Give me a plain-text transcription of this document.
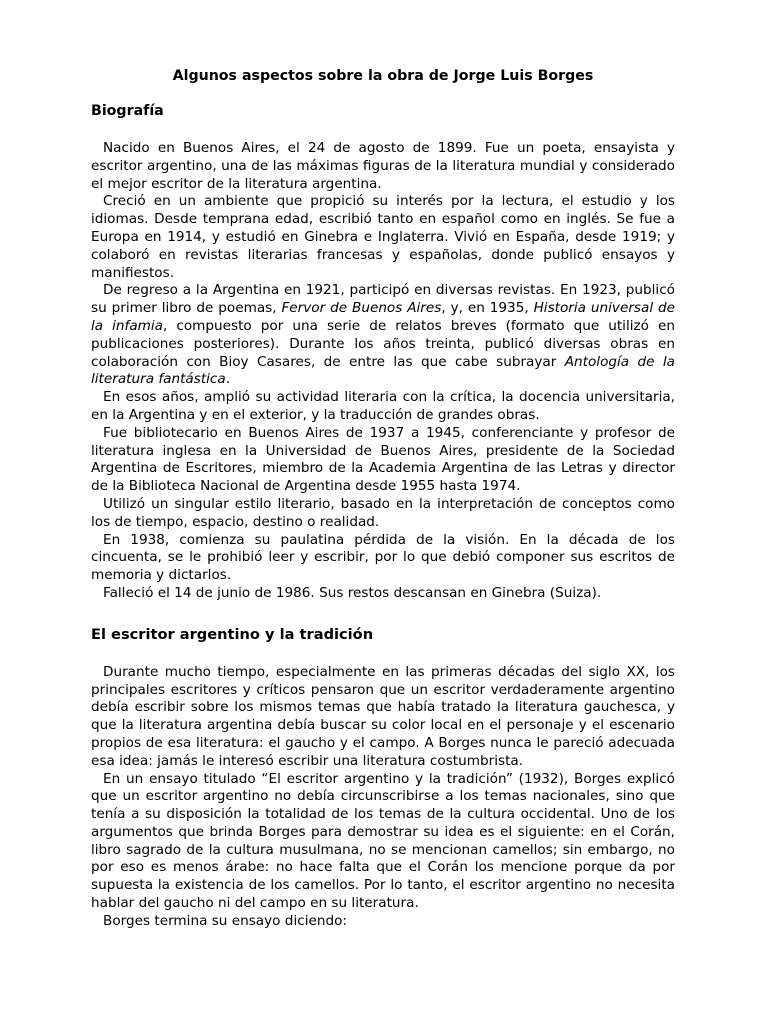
Algunos aspectos sobre la obra de Jorge Luis Borges
Biografía

Nacido en Buenos Aires, el 24 de agosto de 1899. Fue un poeta, ensayista y escritor argentino, una de las máximas figuras de la literatura mundial y considerado el mejor escritor de la literatura argentina.

Creció en un ambiente que propició su interés por la lectura, el estudio y los idiomas. Desde temprana edad, escribió tanto en español como en inglés. Se fue a Europa en 1914, y estudió en Ginebra e Inglaterra. Vivió en España, desde 1919; y colaboró en revistas literarias francesas y españolas, donde publicó ensayos y manifiestos.

De regreso a la Argentina en 1921, participó en diversas revistas. En 1923, publicó su primer libro de poemas, Fervor de Buenos Aires, y, en 1935, Historia universal de la infamia, compuesto por una serie de relatos breves (formato que utilizó en publicaciones posteriores). Durante los años treinta, publicó diversas obras en colaboración con Bioy Casares, de entre las que cabe subrayar Antología de la literatura fantástica.

En esos años, amplió su actividad literaria con la crítica, la docencia universitaria, en la Argentina y en el exterior, y la traducción de grandes obras.

Fue bibliotecario en Buenos Aires de 1937 a 1945, conferenciante y profesor de literatura inglesa en la Universidad de Buenos Aires, presidente de la Sociedad Argentina de Escritores, miembro de la Academia Argentina de las Letras y director de la Biblioteca Nacional de Argentina desde 1955 hasta 1974.

Utilizó un singular estilo literario, basado en la interpretación de conceptos como los de tiempo, espacio, destino o realidad.

En 1938, comienza su paulatina pérdida de la visión. En la década de los cincuenta, se le prohibió leer y escribir, por lo que debió componer sus escritos de memoria y dictarlos.

Falleció el 14 de junio de 1986. Sus restos descansan en Ginebra (Suiza).

El escritor argentino y la tradición

Durante mucho tiempo, especialmente en las primeras décadas del siglo XX, los principales escritores y críticos pensaron que un escritor verdaderamente argentino debía escribir sobre los mismos temas que había tratado la literatura gauchesca, y que la literatura argentina debía buscar su color local en el personaje y el escenario propios de esa literatura: el gaucho y el campo. A Borges nunca le pareció adecuada esa idea: jamás le interesó escribir una literatura costumbrista.

En un ensayo titulado “El escritor argentino y la tradición” (1932), Borges explicó que un escritor argentino no debía circunscribirse a los temas nacionales, sino que tenía a su disposición la totalidad de los temas de la cultura occidental. Uno de los argumentos que brinda Borges para demostrar su idea es el siguiente: en el Corán, libro sagrado de la cultura musulmana, no se mencionan camellos; sin embargo, no por eso es menos árabe: no hace falta que el Corán los mencione porque da por supuesta la existencia de los camellos. Por lo tanto, el escritor argentino no necesita hablar del gaucho ni del campo en su literatura.

Borges termina su ensayo diciendo:
